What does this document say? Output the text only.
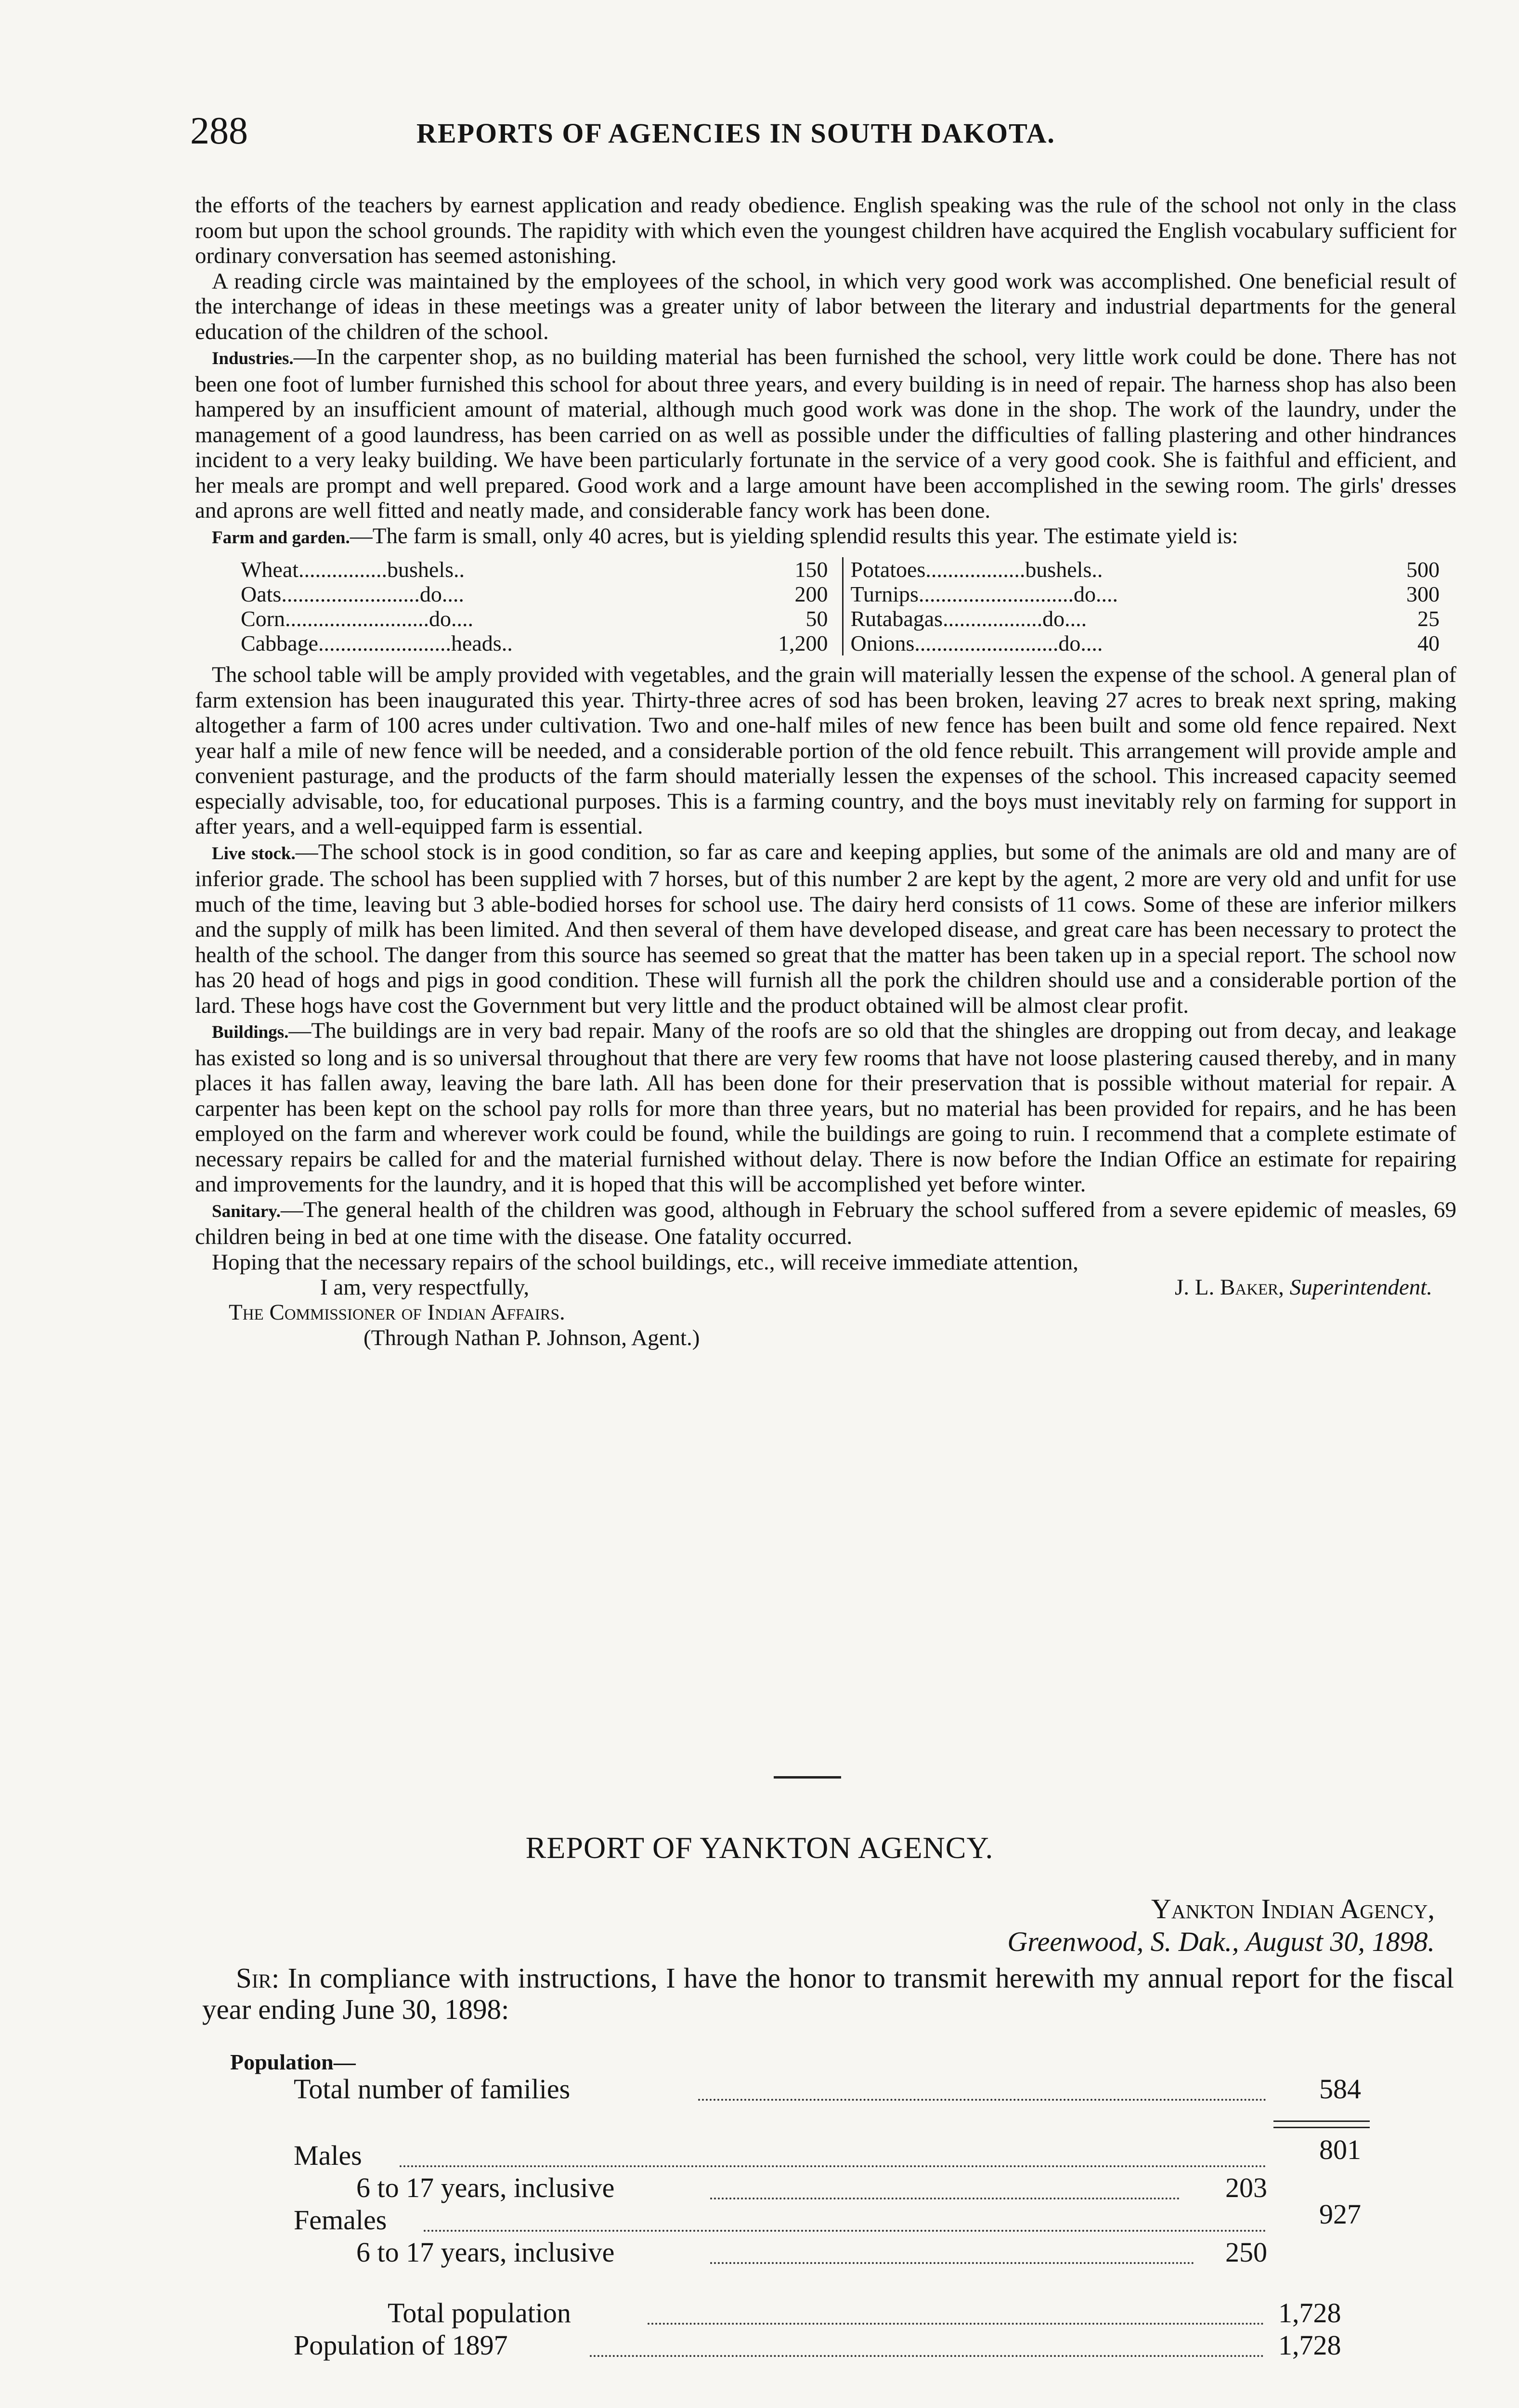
288	REPORTS OF AGENCIES IN SOUTH DAKOTA.

the efforts of the teachers by earnest application and ready obedience. English speaking was the rule of the school not only in the class room but upon the school grounds. The rapidity with which even the youngest children have acquired the English vocabulary sufficient for ordinary conversation has seemed astonishing.

A reading circle was maintained by the employees of the school, in which very good work was accomplished. One beneficial result of the interchange of ideas in these meetings was a greater unity of labor between the literary and industrial departments for the general education of the children of the school.

Industries.—In the carpenter shop, as no building material has been furnished the school, very little work could be done. There has not been one foot of lumber furnished this school for about three years, and every building is in need of repair. The harness shop has also been hampered by an insufficient amount of material, although much good work was done in the shop. The work of the laundry, under the management of a good laundress, has been carried on as well as possible under the difficulties of falling plastering and other hindrances incident to a very leaky building. We have been particularly fortunate in the service of a very good cook. She is faithful and efficient, and her meals are prompt and well prepared. Good work and a large amount have been accomplished in the sewing room. The girls' dresses and aprons are well fitted and neatly made, and considerable fancy work has been done.

Farm and garden.—The farm is small, only 40 acres, but is yielding splendid results this year. The estimate yield is:

Wheat................bushels..	150	Potatoes..................bushels..	500
Oats.........................do....	200	Turnips............................do....	300
Corn..........................do....	50	Rutabagas..................do....	25
Cabbage........................heads..	1,200	Onions..........................do....	40

The school table will be amply provided with vegetables, and the grain will materially lessen the expense of the school. A general plan of farm extension has been inaugurated this year. Thirty-three acres of sod has been broken, leaving 27 acres to break next spring, making altogether a farm of 100 acres under cultivation. Two and one-half miles of new fence has been built and some old fence repaired. Next year half a mile of new fence will be needed, and a considerable portion of the old fence rebuilt. This arrangement will provide ample and convenient pasturage, and the products of the farm should materially lessen the expenses of the school. This increased capacity seemed especially advisable, too, for educational purposes. This is a farming country, and the boys must inevitably rely on farming for support in after years, and a well-equipped farm is essential.

Live stock.—The school stock is in good condition, so far as care and keeping applies, but some of the animals are old and many are of inferior grade. The school has been supplied with 7 horses, but of this number 2 are kept by the agent, 2 more are very old and unfit for use much of the time, leaving but 3 able-bodied horses for school use. The dairy herd consists of 11 cows. Some of these are inferior milkers and the supply of milk has been limited. And then several of them have developed disease, and great care has been necessary to protect the health of the school. The danger from this source has seemed so great that the matter has been taken up in a special report. The school now has 20 head of hogs and pigs in good condition. These will furnish all the pork the children should use and a considerable portion of the lard. These hogs have cost the Government but very little and the product obtained will be almost clear profit.

Buildings.—The buildings are in very bad repair. Many of the roofs are so old that the shingles are dropping out from decay, and leakage has existed so long and is so universal throughout that there are very few rooms that have not loose plastering caused thereby, and in many places it has fallen away, leaving the bare lath. All has been done for their preservation that is possible without material for repair. A carpenter has been kept on the school pay rolls for more than three years, but no material has been provided for repairs, and he has been employed on the farm and wherever work could be found, while the buildings are going to ruin. I recommend that a complete estimate of necessary repairs be called for and the material furnished without delay. There is now before the Indian Office an estimate for repairing and improvements for the laundry, and it is hoped that this will be accomplished yet before winter.

Sanitary.—The general health of the children was good, although in February the school suffered from a severe epidemic of measles, 69 children being in bed at one time with the disease. One fatality occurred.

Hoping that the necessary repairs of the school buildings, etc., will receive immediate attention,

I am, very respectfully,	J. L. Baker, Superintendent.
The Commissioner of Indian Affairs.
(Through Nathan P. Johnson, Agent.)
REPORT OF YANKTON AGENCY.
Yankton Indian Agency,
Greenwood, S. Dak., August 30, 1898.

Sir: In compliance with instructions, I have the honor to transmit herewith my annual report for the fiscal year ending June 30, 1898:

Population—
Total number of families	584
Males	801
6 to 17 years, inclusive	203
Females	927
6 to 17 years, inclusive	250
Total population	1,728
Population of 1897	1,728
